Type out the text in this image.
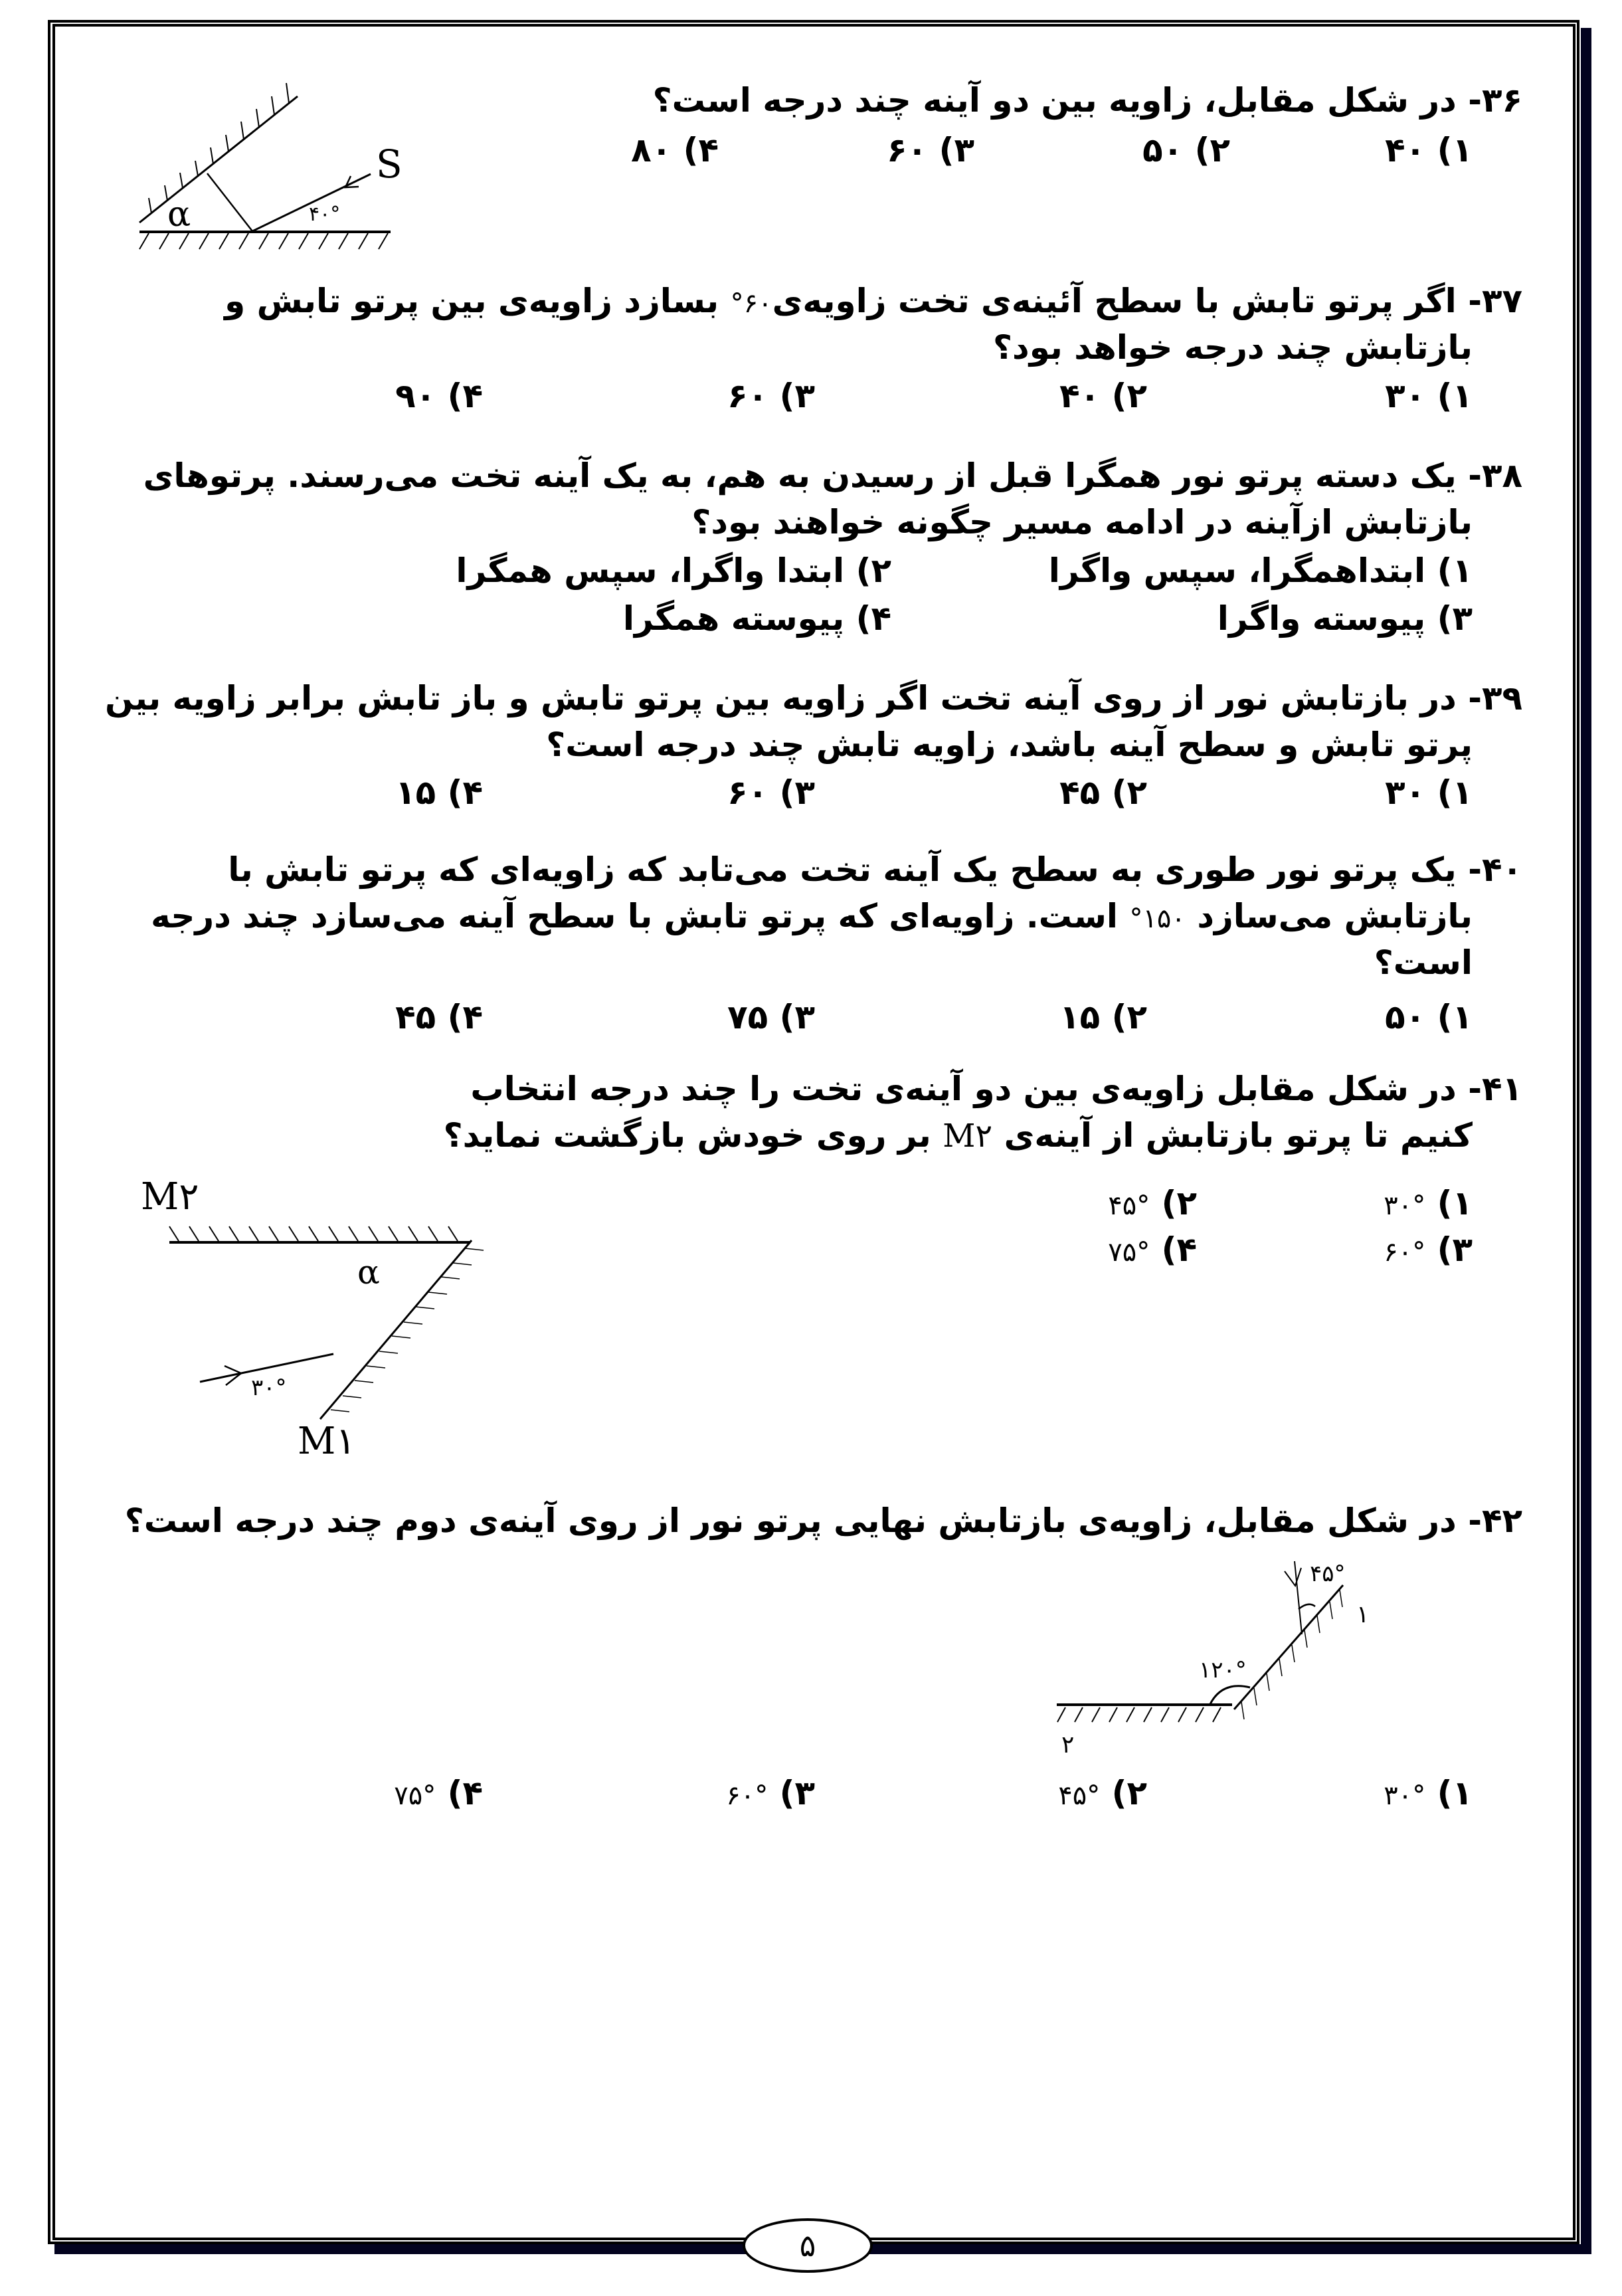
۳۶- در شکل مقابل، زاویه بین دو آینه چند درجه است؟
۱) ۴۰
۲) ۵۰
۳) ۶۰
۴) ۸۰
S
α	۴۰°
۳۷- اگر پرتو تابش با سطح آئینه‌ی تخت زاویه‌ی۶۰° بسازد زاویه‌ی بین پرتو تابش و
بازتابش چند درجه خواهد بود؟
۱) ۳۰
۲) ۴۰
۳) ۶۰
۴) ۹۰
۳۸- یک دسته پرتو نور همگرا قبل از رسیدن به هم، به یک آینه تخت می‌رسند. پرتوهای
بازتابش ازآینه در ادامه مسیر چگونه خواهند بود؟
۱) ابتداهمگرا، سپس واگرا
۲) ابتدا واگرا، سپس همگرا
۳) پیوسته واگرا
۴) پیوسته همگرا
۳۹- در بازتابش نور از روی آینه تخت اگر زاویه بین پرتو تابش و باز تابش برابر زاویه بین
پرتو تابش و سطح آینه باشد، زاویه تابش چند درجه است؟
۱) ۳۰
۲) ۴۵
۳) ۶۰
۴) ۱۵
۴۰- یک پرتو نور طوری به سطح یک آینه تخت می‌تابد که زاویه‌ای که پرتو تابش با
بازتابش می‌سازد ۱۵۰° است. زاویه‌ای که پرتو تابش با سطح آینه می‌سازد چند درجه
است؟
۱) ۵۰
۲) ۱۵
۳) ۷۵
۴) ۴۵
۴۱- در شکل مقابل زاویه‌ی بین دو آینه‌ی تخت را چند درجه انتخاب
کنیم تا پرتو بازتابش از آینه‌ی M۲ بر روی خودش بازگشت نماید؟
۱) ۳۰°
۲) ۴۵°
۳) ۶۰°
۴) ۷۵°
M۲
M۱
α
۳۰°
۴۲- در شکل مقابل، زاویه‌ی بازتابش نهایی پرتو نور از روی آینه‌ی دوم چند درجه است؟
۴۵°
۱۲۰°
۱
۲
۱) ۳۰°
۲) ۴۵°
۳) ۶۰°
۴) ۷۵°
۵
